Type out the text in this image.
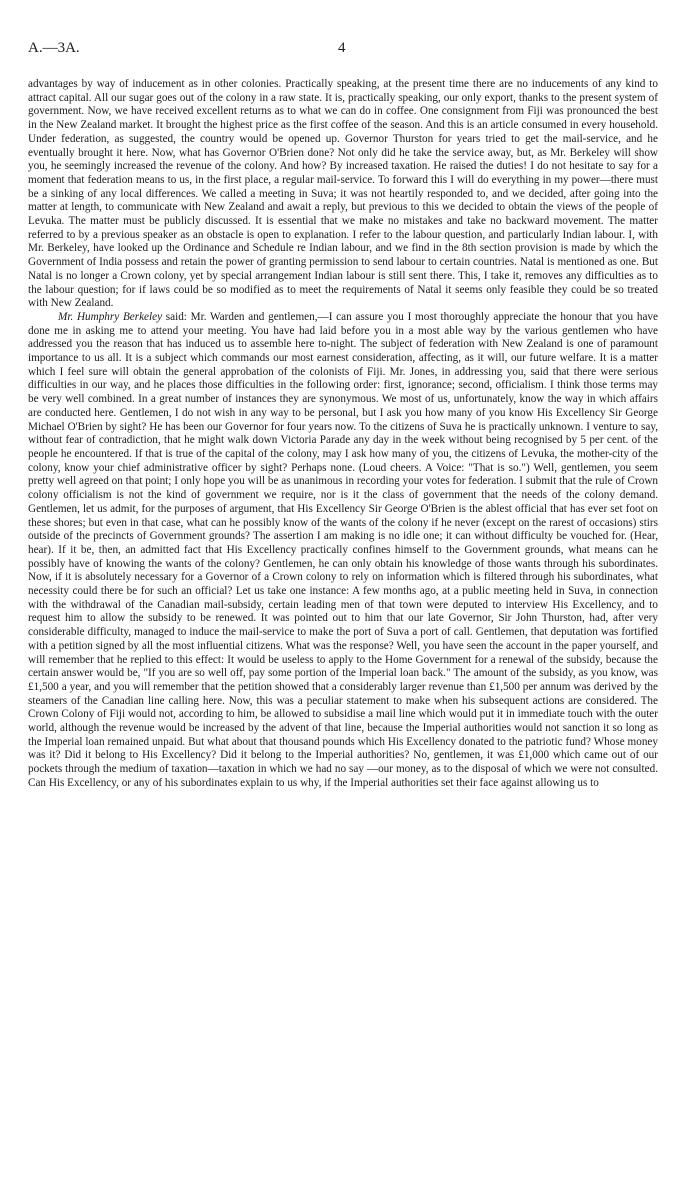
A.—3A.	4

advantages by way of inducement as in other colonies. Practically speaking, at the present time there are no inducements of any kind to attract capital. All our sugar goes out of the colony in a raw state. It is, practically speaking, our only export, thanks to the present system of government. Now, we have received excellent returns as to what we can do in coffee. One consignment from Fiji was pronounced the best in the New Zealand market. It brought the highest price as the first coffee of the season. And this is an article consumed in every household. Under federation, as suggested, the country would be opened up. Governor Thurston for years tried to get the mail-service, and he eventually brought it here. Now, what has Governor O'Brien done? Not only did he take the service away, but, as Mr. Berkeley will show you, he seemingly increased the revenue of the colony. And how? By increased taxation. He raised the duties! I do not hesitate to say for a moment that federation means to us, in the first place, a regular mail-service. To forward this I will do everything in my power—there must be a sinking of any local differences. We called a meeting in Suva; it was not heartily responded to, and we decided, after going into the matter at length, to communicate with New Zealand and await a reply, but previous to this we decided to obtain the views of the people of Levuka. The matter must be publicly discussed. It is essential that we make no mistakes and take no backward movement. The matter referred to by a previous speaker as an obstacle is open to explanation. I refer to the labour question, and particularly Indian labour. I, with Mr. Berkeley, have looked up the Ordinance and Schedule re Indian labour, and we find in the 8th section provision is made by which the Government of India possess and retain the power of granting permission to send labour to certain countries. Natal is mentioned as one. But Natal is no longer a Crown colony, yet by special arrangement Indian labour is still sent there. This, I take it, removes any difficulties as to the labour question; for if laws could be so modified as to meet the requirements of Natal it seems only feasible they could be so treated with New Zealand.

Mr. Humphry Berkeley said: Mr. Warden and gentlemen,—I can assure you I most thoroughly appreciate the honour that you have done me in asking me to attend your meeting. You have had laid before you in a most able way by the various gentlemen who have addressed you the reason that has induced us to assemble here to-night. The subject of federation with New Zealand is one of paramount importance to us all. It is a subject which commands our most earnest consideration, affecting, as it will, our future welfare. It is a matter which I feel sure will obtain the general approbation of the colonists of Fiji. Mr. Jones, in addressing you, said that there were serious difficulties in our way, and he places those difficulties in the following order: first, ignorance; second, officialism. I think those terms may be very well combined. In a great number of instances they are synonymous. We most of us, unfortunately, know the way in which affairs are conducted here. Gentlemen, I do not wish in any way to be personal, but I ask you how many of you know His Excellency Sir George Michael O'Brien by sight? He has been our Governor for four years now. To the citizens of Suva he is practically unknown. I venture to say, without fear of contradiction, that he might walk down Victoria Parade any day in the week without being recognised by 5 per cent. of the people he encountered. If that is true of the capital of the colony, may I ask how many of you, the citizens of Levuka, the mother-city of the colony, know your chief administrative officer by sight? Perhaps none. (Loud cheers. A Voice: "That is so.") Well, gentlemen, you seem pretty well agreed on that point; I only hope you will be as unanimous in recording your votes for federation. I submit that the rule of Crown colony officialism is not the kind of government we require, nor is it the class of government that the needs of the colony demand. Gentlemen, let us admit, for the purposes of argument, that His Excellency Sir George O'Brien is the ablest official that has ever set foot on these shores; but even in that case, what can he possibly know of the wants of the colony if he never (except on the rarest of occasions) stirs outside of the precincts of Government grounds? The assertion I am making is no idle one; it can without difficulty be vouched for. (Hear, hear). If it be, then, an admitted fact that His Excellency practically confines himself to the Government grounds, what means can he possibly have of knowing the wants of the colony? Gentlemen, he can only obtain his knowledge of those wants through his subordinates. Now, if it is absolutely necessary for a Governor of a Crown colony to rely on information which is filtered through his subordinates, what necessity could there be for such an official? Let us take one instance: A few months ago, at a public meeting held in Suva, in connection with the withdrawal of the Canadian mail-subsidy, certain leading men of that town were deputed to interview His Excellency, and to request him to allow the subsidy to be renewed. It was pointed out to him that our late Governor, Sir John Thurston, had, after very considerable difficulty, managed to induce the mail-service to make the port of Suva a port of call. Gentlemen, that deputation was fortified with a petition signed by all the most influential citizens. What was the response? Well, you have seen the account in the paper yourself, and will remember that he replied to this effect: It would be useless to apply to the Home Government for a renewal of the subsidy, because the certain answer would be, "If you are so well off, pay some portion of the Imperial loan back." The amount of the subsidy, as you know, was £1,500 a year, and you will remember that the petition showed that a considerably larger revenue than £1,500 per annum was derived by the steamers of the Canadian line calling here. Now, this was a peculiar statement to make when his subsequent actions are considered. The Crown Colony of Fiji would not, according to him, be allowed to subsidise a mail line which would put it in immediate touch with the outer world, although the revenue would be increased by the advent of that line, because the Imperial authorities would not sanction it so long as the Imperial loan remained unpaid. But what about that thousand pounds which His Excellency donated to the patriotic fund? Whose money was it? Did it belong to His Excellency? Did it belong to the Imperial authorities? No, gentlemen, it was £1,000 which came out of our pockets through the medium of taxation—taxation in which we had no say —our money, as to the disposal of which we were not consulted. Can His Excellency, or any of his subordinates explain to us why, if the Imperial authorities set their face against allowing us to
